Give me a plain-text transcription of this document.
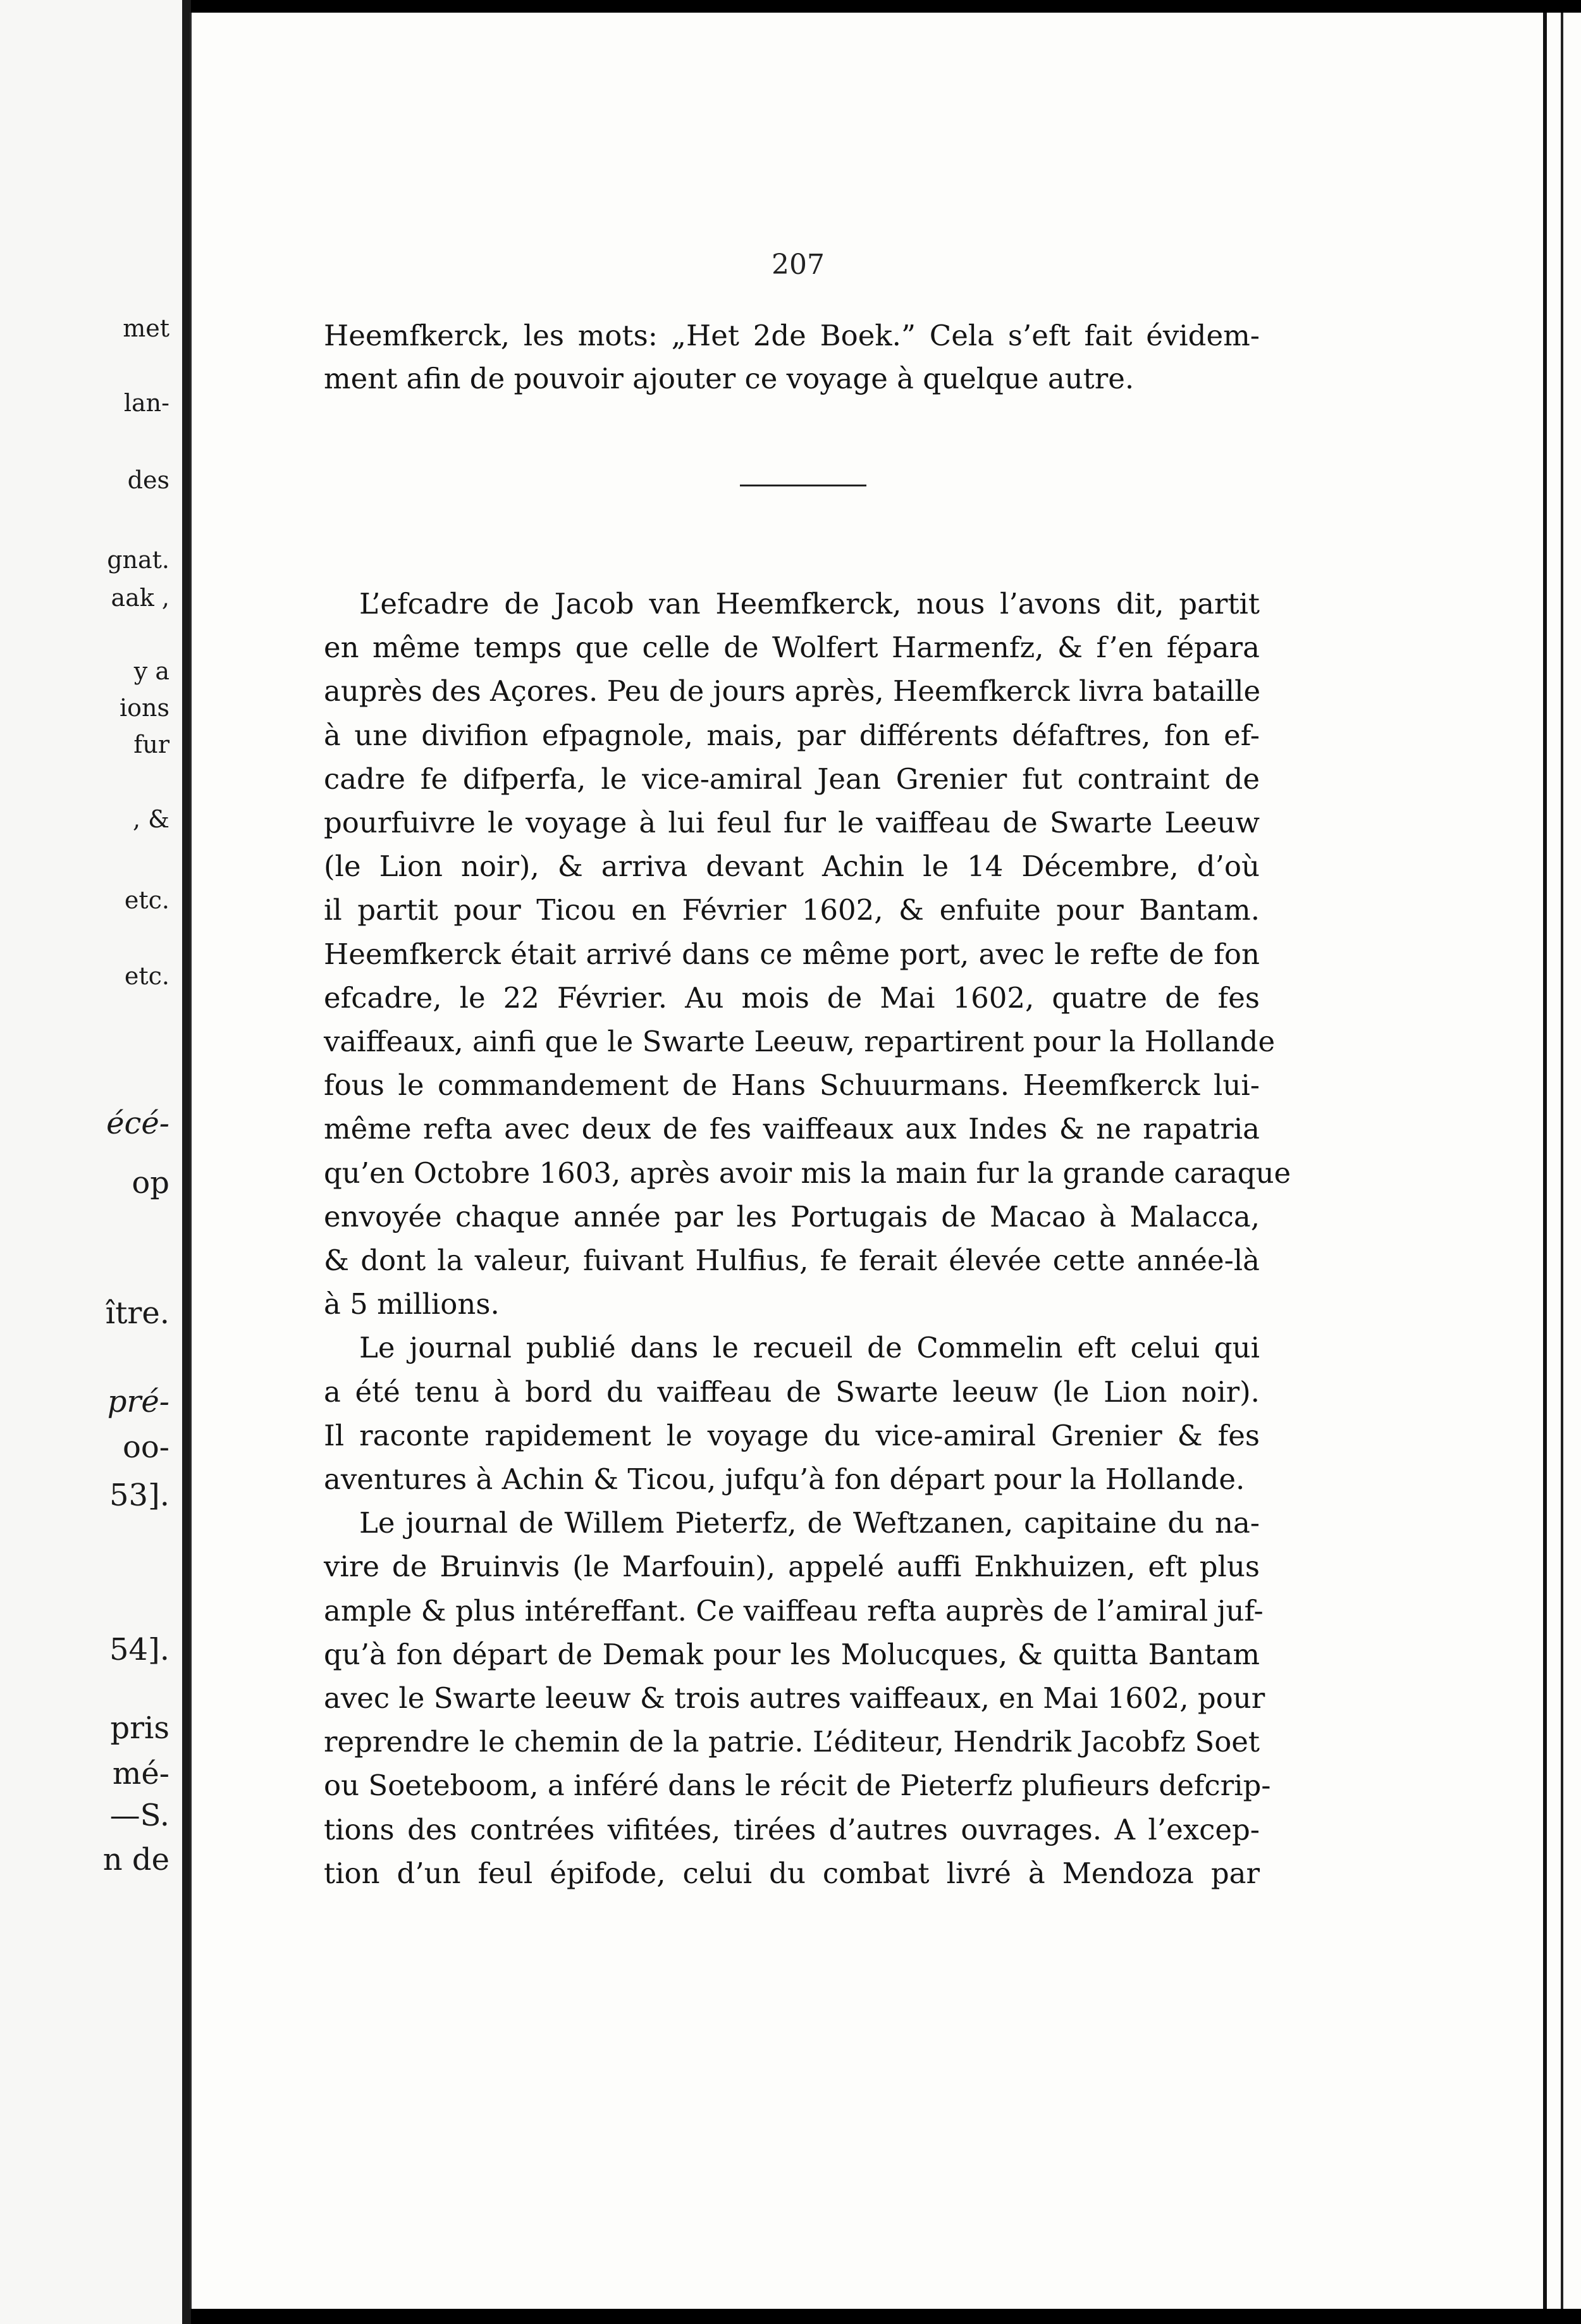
met
lan-
des
gnat.
aak ,
y a
ions
fur
, &
etc.
etc.
écé-
op
ître.
pré-
oo-
53].
54].
pris
mé-
—S.
n de
207
Heemfkerck, les mots: „Het 2de Boek.” Cela s’eft fait évidem-
ment afin de pouvoir ajouter ce voyage à quelque autre.
L’efcadre de Jacob van Heemfkerck, nous l’avons dit, partit
en même temps que celle de Wolfert Harmenfz, & f’en fépara
auprès des Açores. Peu de jours après, Heemfkerck livra bataille
à une divifion efpagnole, mais, par différents défaftres, fon ef-
cadre fe difperfa, le vice-amiral Jean Grenier fut contraint de
pourfuivre le voyage à lui feul fur le vaiffeau de Swarte Leeuw
(le Lion noir), & arriva devant Achin le 14 Décembre, d’où
il partit pour Ticou en Février 1602, & enfuite pour Bantam.
Heemfkerck était arrivé dans ce même port, avec le refte de fon
efcadre, le 22 Février. Au mois de Mai 1602, quatre de fes
vaiffeaux, ainfi que le Swarte Leeuw, repartirent pour la Hollande
fous le commandement de Hans Schuurmans. Heemfkerck lui-
même refta avec deux de fes vaiffeaux aux Indes & ne rapatria
qu’en Octobre 1603, après avoir mis la main fur la grande caraque
envoyée chaque année par les Portugais de Macao à Malacca,
& dont la valeur, fuivant Hulfius, fe ferait élevée cette année-là
à 5 millions.
Le journal publié dans le recueil de Commelin eft celui qui
a été tenu à bord du vaiffeau de Swarte leeuw (le Lion noir).
Il raconte rapidement le voyage du vice-amiral Grenier & fes
aventures à Achin & Ticou, jufqu’à fon départ pour la Hollande.
Le journal de Willem Pieterfz, de Weftzanen, capitaine du na-
vire de Bruinvis (le Marfouin), appelé auffi Enkhuizen, eft plus
ample & plus intéreffant. Ce vaiffeau refta auprès de l’amiral juf-
qu’à fon départ de Demak pour les Molucques, & quitta Bantam
avec le Swarte leeuw & trois autres vaiffeaux, en Mai 1602, pour
reprendre le chemin de la patrie. L’éditeur, Hendrik Jacobfz Soet
ou Soeteboom, a inféré dans le récit de Pieterfz plufieurs defcrip-
tions des contrées vifitées, tirées d’autres ouvrages. A l’excep-
tion d’un feul épifode, celui du combat livré à Mendoza par
